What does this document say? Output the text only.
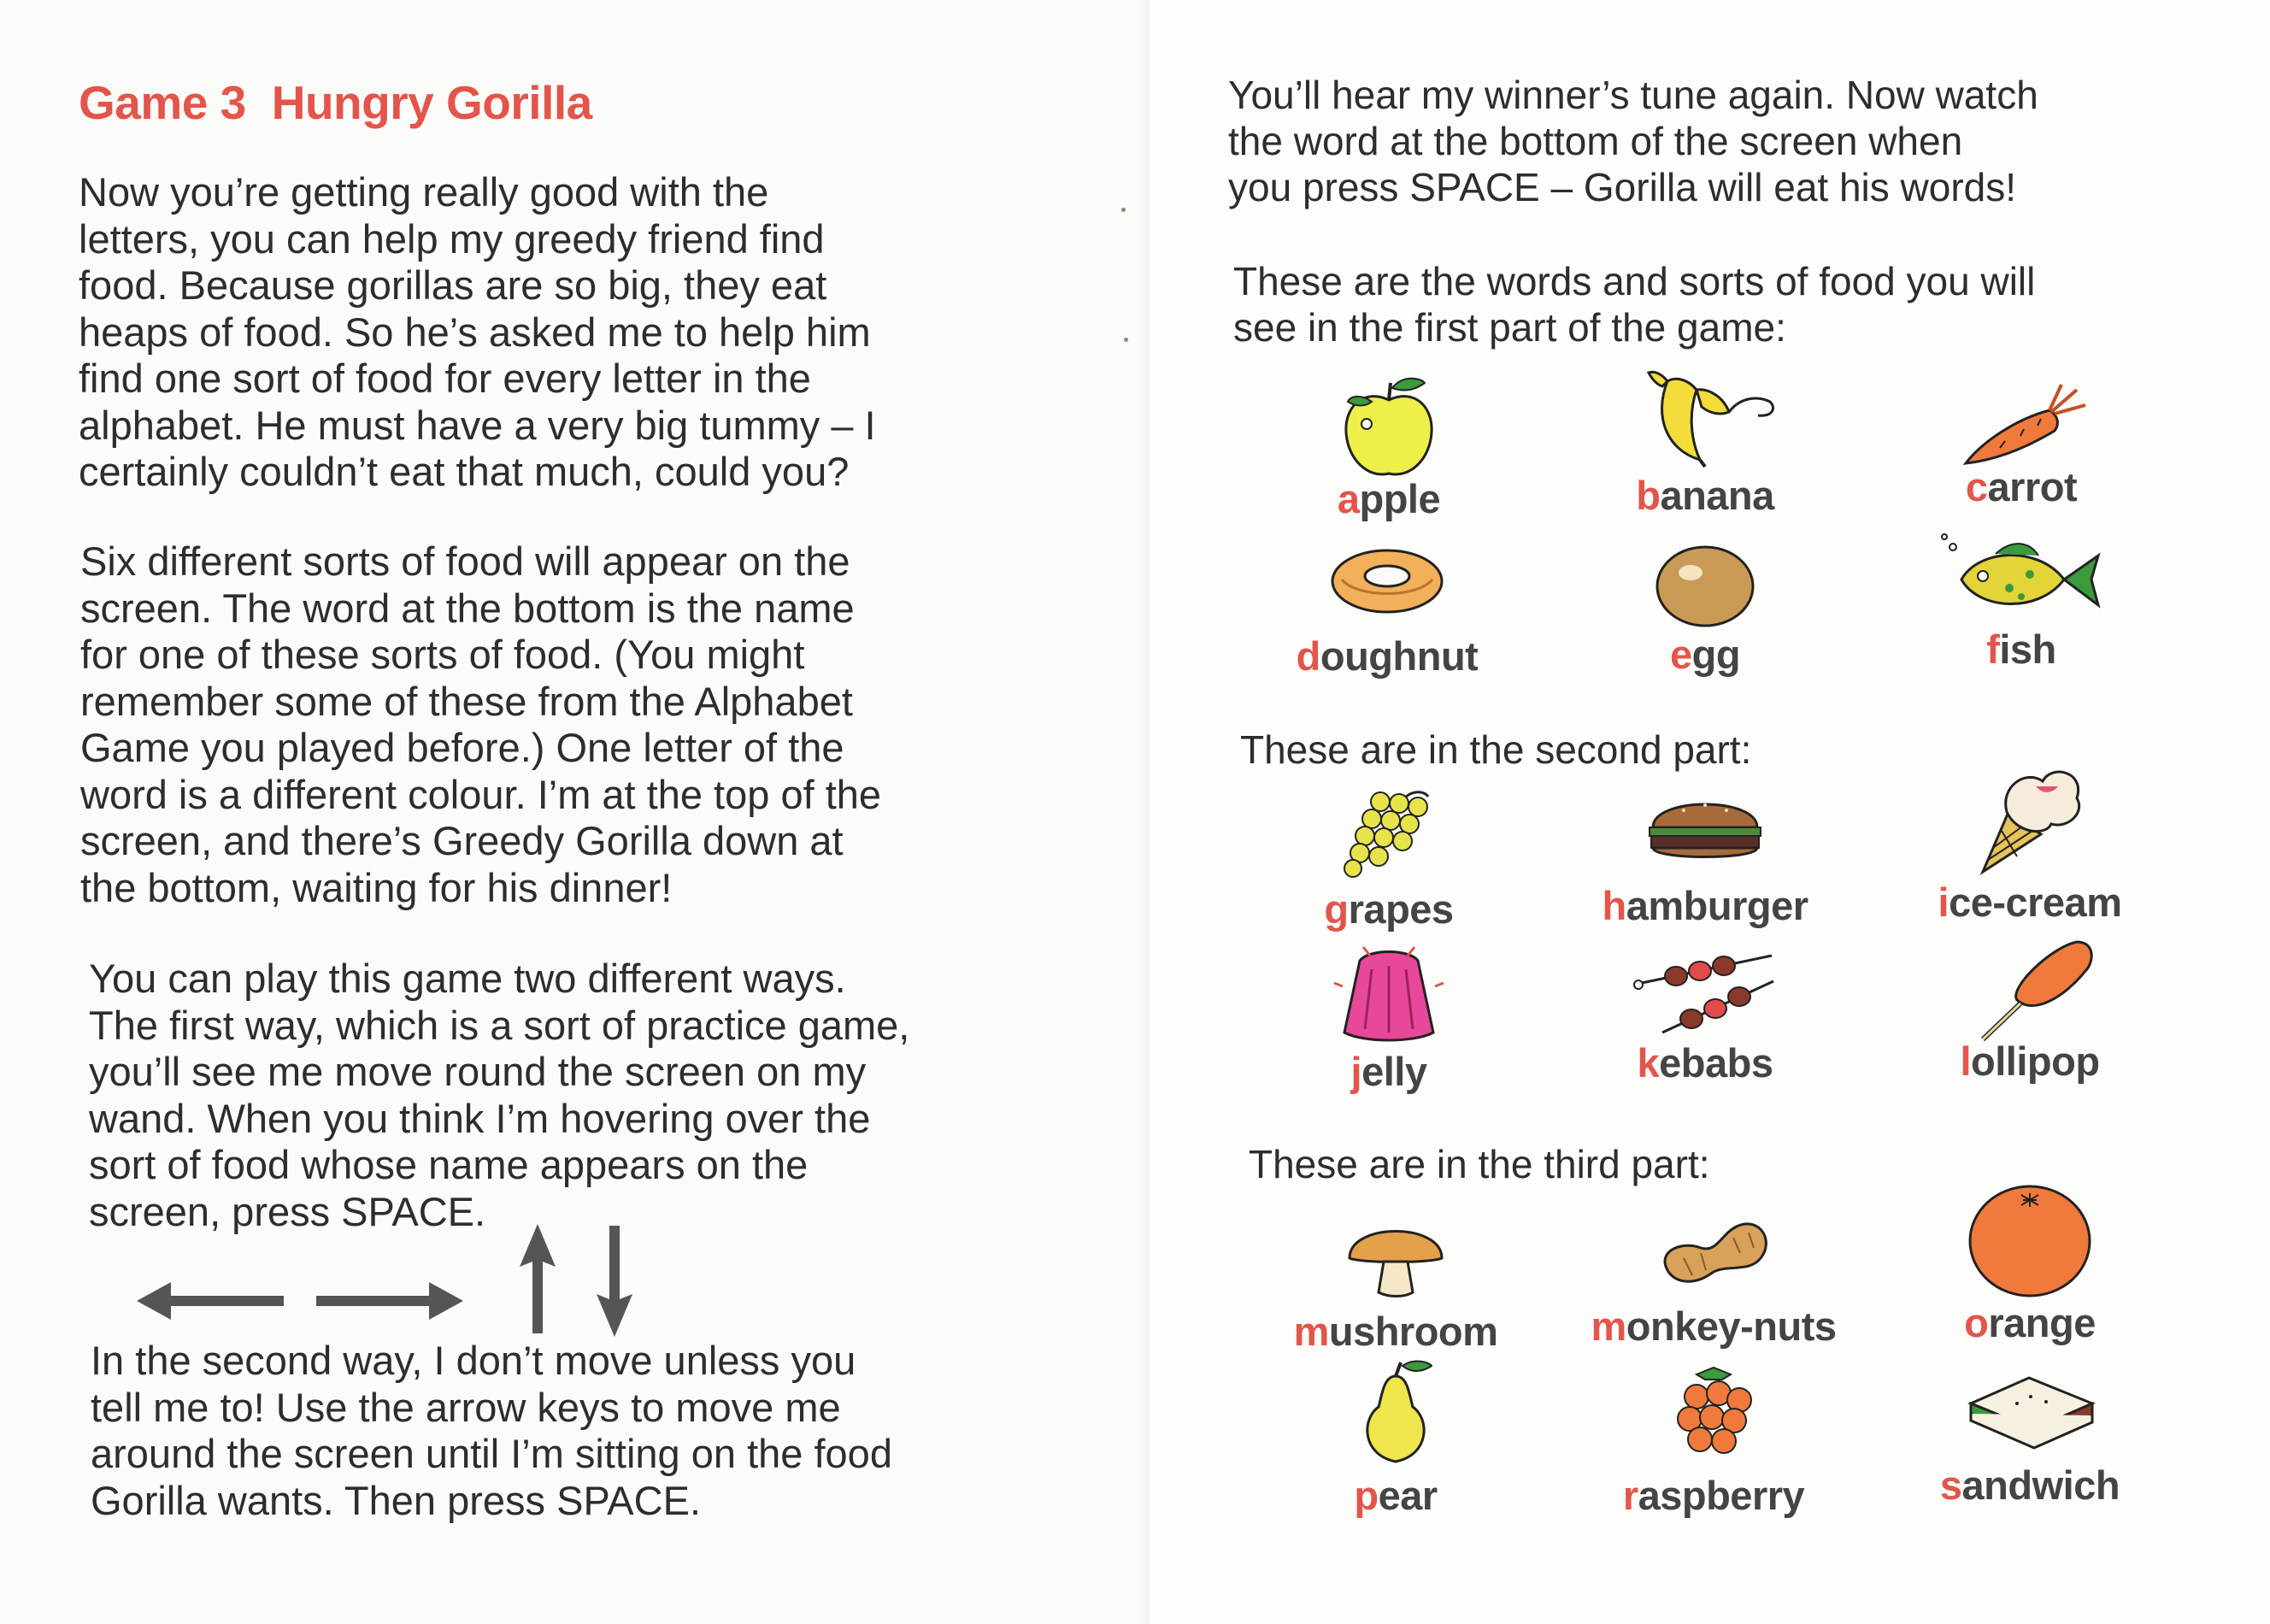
Game 3 Hungry Gorilla
Now you’re getting really good with the
letters, you can help my greedy friend find
food. Because gorillas are so big, they eat
heaps of food. So he’s asked me to help him
find one sort of food for every letter in the
alphabet. He must have a very big tummy – I
certainly couldn’t eat that much, could you?
Six different sorts of food will appear on the
screen. The word at the bottom is the name
for one of these sorts of food. (You might
remember some of these from the Alphabet
Game you played before.) One letter of the
word is a different colour. I’m at the top of the
screen, and there’s Greedy Gorilla down at
the bottom, waiting for his dinner!
You can play this game two different ways.
The first way, which is a sort of practice game,
you’ll see me move round the screen on my
wand. When you think I’m hovering over the
sort of food whose name appears on the
screen, press SPACE.
In the second way, I don’t move unless you
tell me to! Use the arrow keys to move me
around the screen until I’m sitting on the food
Gorilla wants. Then press SPACE.
You’ll hear my winner’s tune again. Now watch
the word at the bottom of the screen when
you press SPACE – Gorilla will eat his words!
These are the words and sorts of food you will
see in the first part of the game:
apple	banana	carrot
doughnut	egg	fish
These are in the second part:
grapes	hamburger	ice-cream
jelly	kebabs	lollipop
These are in the third part:
mushroom	monkey-nuts	orange
pear	raspberry	sandwich
